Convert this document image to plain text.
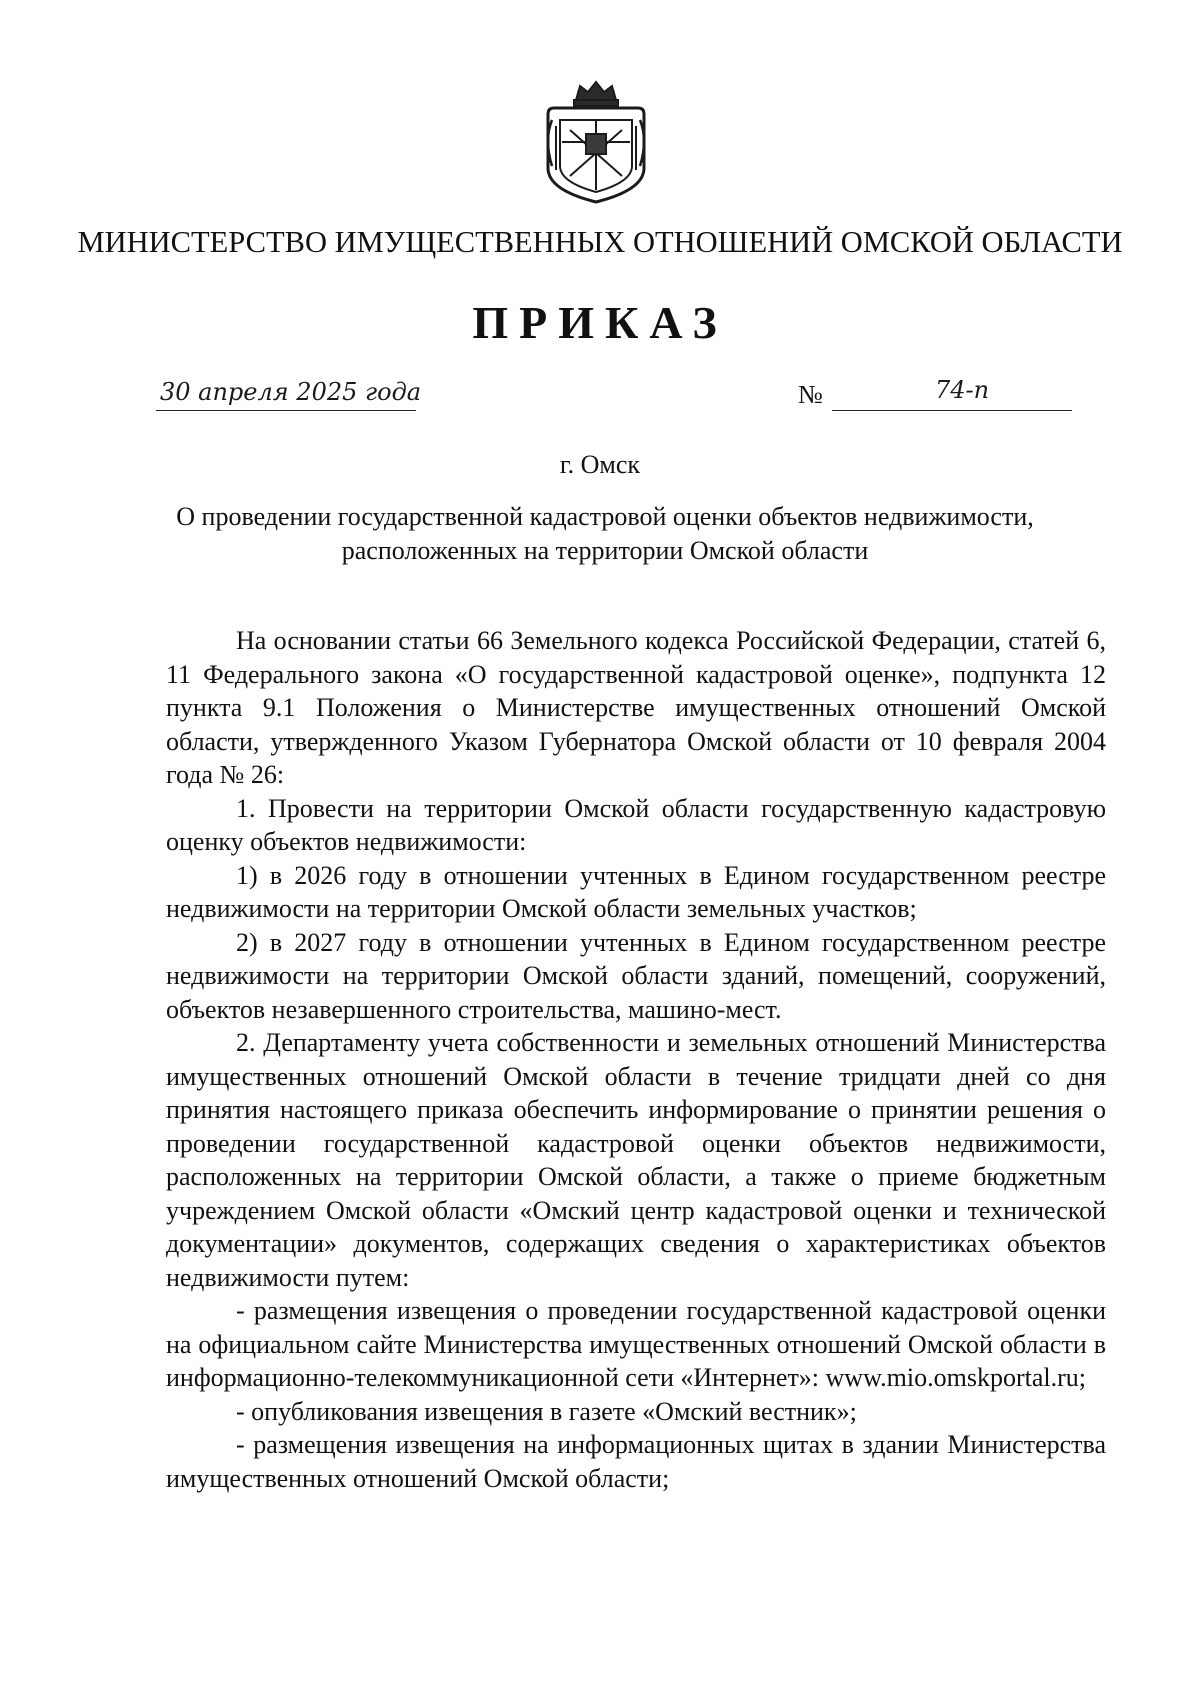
МИНИСТЕРСТВО ИМУЩЕСТВЕННЫХ ОТНОШЕНИЙ ОМСКОЙ ОБЛАСТИ
ПРИКАЗ
30 апреля 2025 года	№	74-п
г. Омск
О проведении государственной кадастровой оценки объектов недвижимости,
расположенных на территории Омской области

На основании статьи 66 Земельного кодекса Российской Федерации, статей 6, 11 Федерального закона «О государственной кадастровой оценке», подпункта 12 пункта 9.1 Положения о Министерстве имущественных отношений Омской области, утвержденного Указом Губернатора Омской области от 10 февраля 2004 года № 26:

1. Провести на территории Омской области государственную кадастровую оценку объектов недвижимости:

1) в 2026 году в отношении учтенных в Едином государственном реестре недвижимости на территории Омской области земельных участков;

2) в 2027 году в отношении учтенных в Едином государственном реестре недвижимости на территории Омской области зданий, помещений, сооружений, объектов незавершенного строительства, машино-мест.

2. Департаменту учета собственности и земельных отношений Министерства имущественных отношений Омской области в течение тридцати дней со дня принятия настоящего приказа обеспечить информирование о принятии решения о проведении государственной кадастровой оценки объектов недвижимости, расположенных на территории Омской области, а также о приеме бюджетным учреждением Омской области «Омский центр кадастровой оценки и технической документации» документов, содержащих сведения о характеристиках объектов недвижимости путем:

- размещения извещения о проведении государственной кадастровой оценки на официальном сайте Министерства имущественных отношений Омской области в информационно-телекоммуникационной сети «Интернет»: www.mio.omskportal.ru;

- опубликования извещения в газете «Омский вестник»;

- размещения извещения на информационных щитах в здании Министерства имущественных отношений Омской области;
